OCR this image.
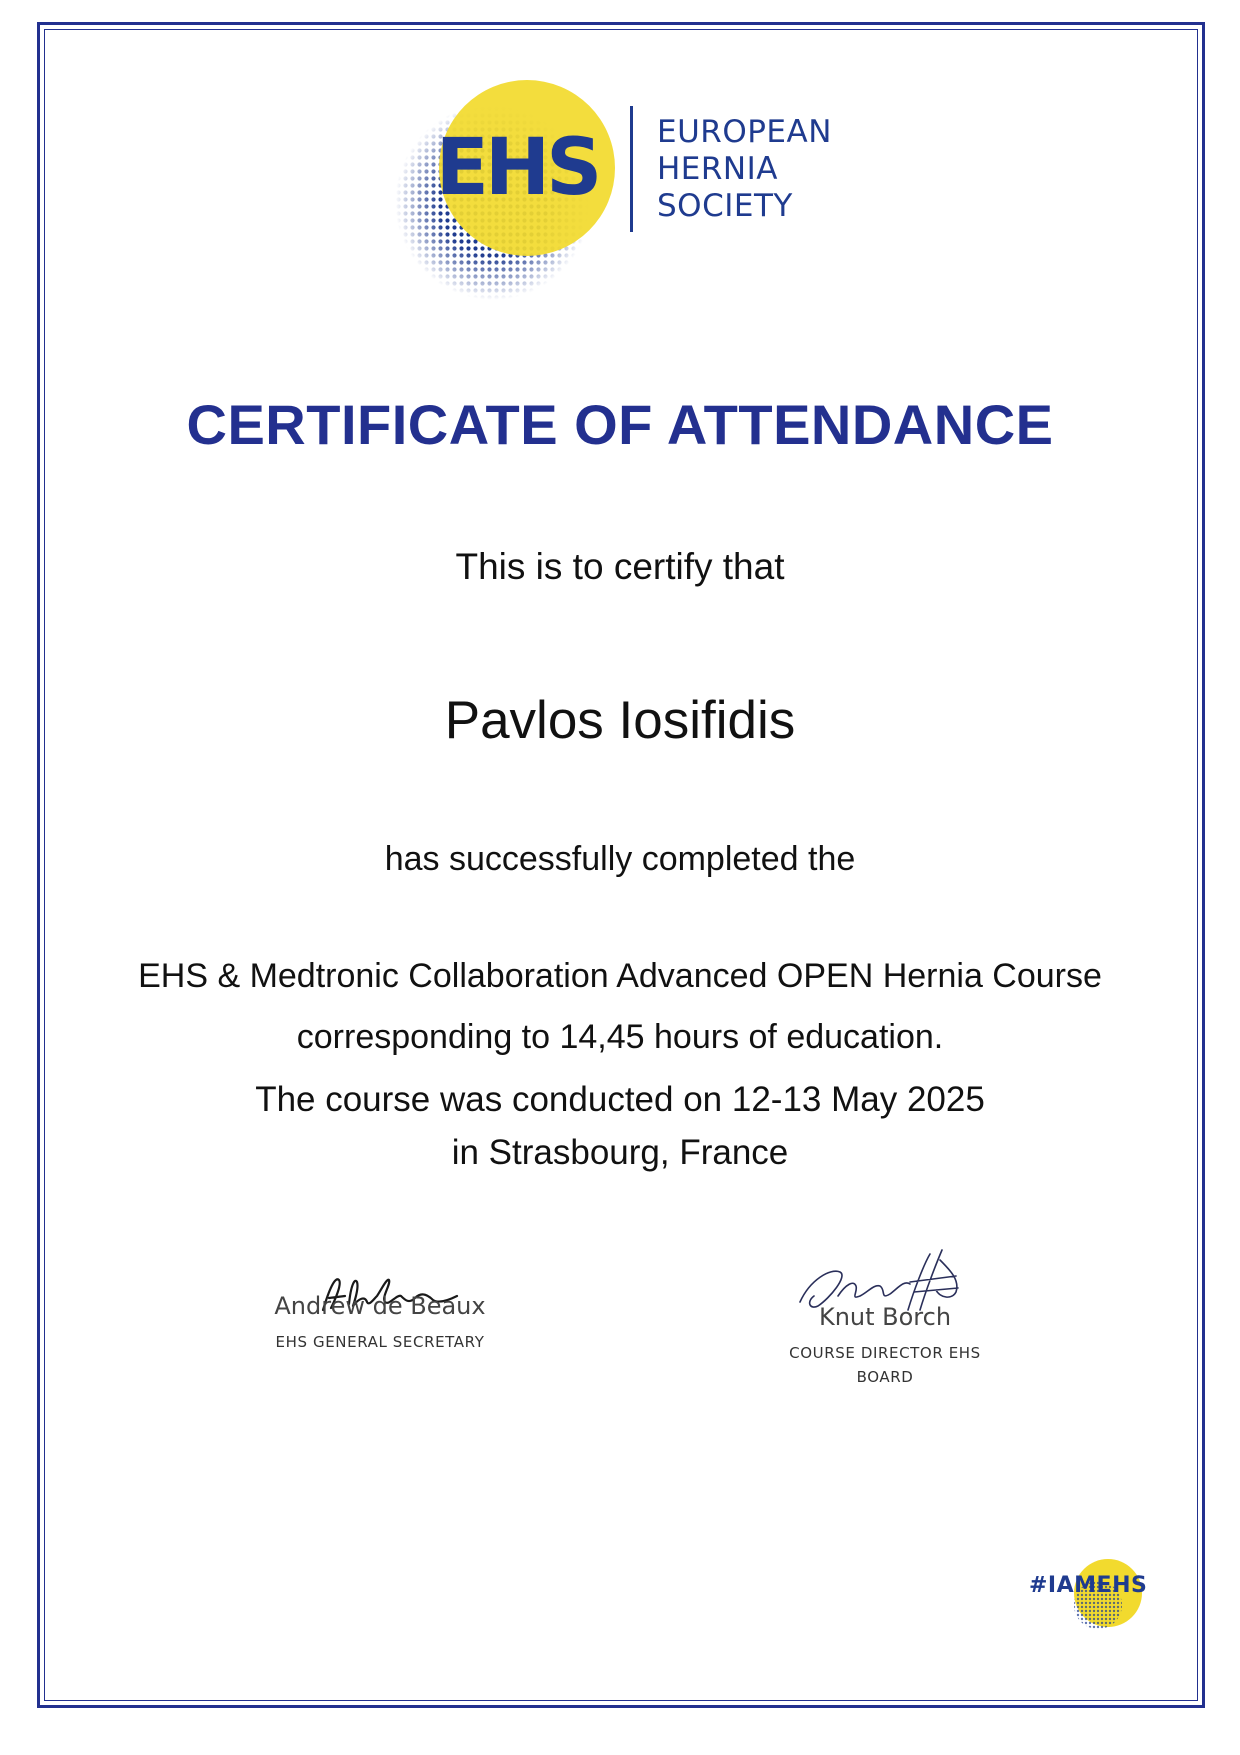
EHS EUROPEAN
HERNIA
SOCIETY
CERTIFICATE OF ATTENDANCE
This is to certify that
Pavlos Iosifidis
has successfully completed the
EHS & Medtronic Collaboration Advanced OPEN Hernia Course
corresponding to 14,45 hours of education.
The course was conducted on 12-13 May 2025
in Strasbourg, France
Andrew de Beaux
EHS GENERAL SECRETARY
Knut Borch
COURSE DIRECTOR EHS
BOARD
#IAMEHS
